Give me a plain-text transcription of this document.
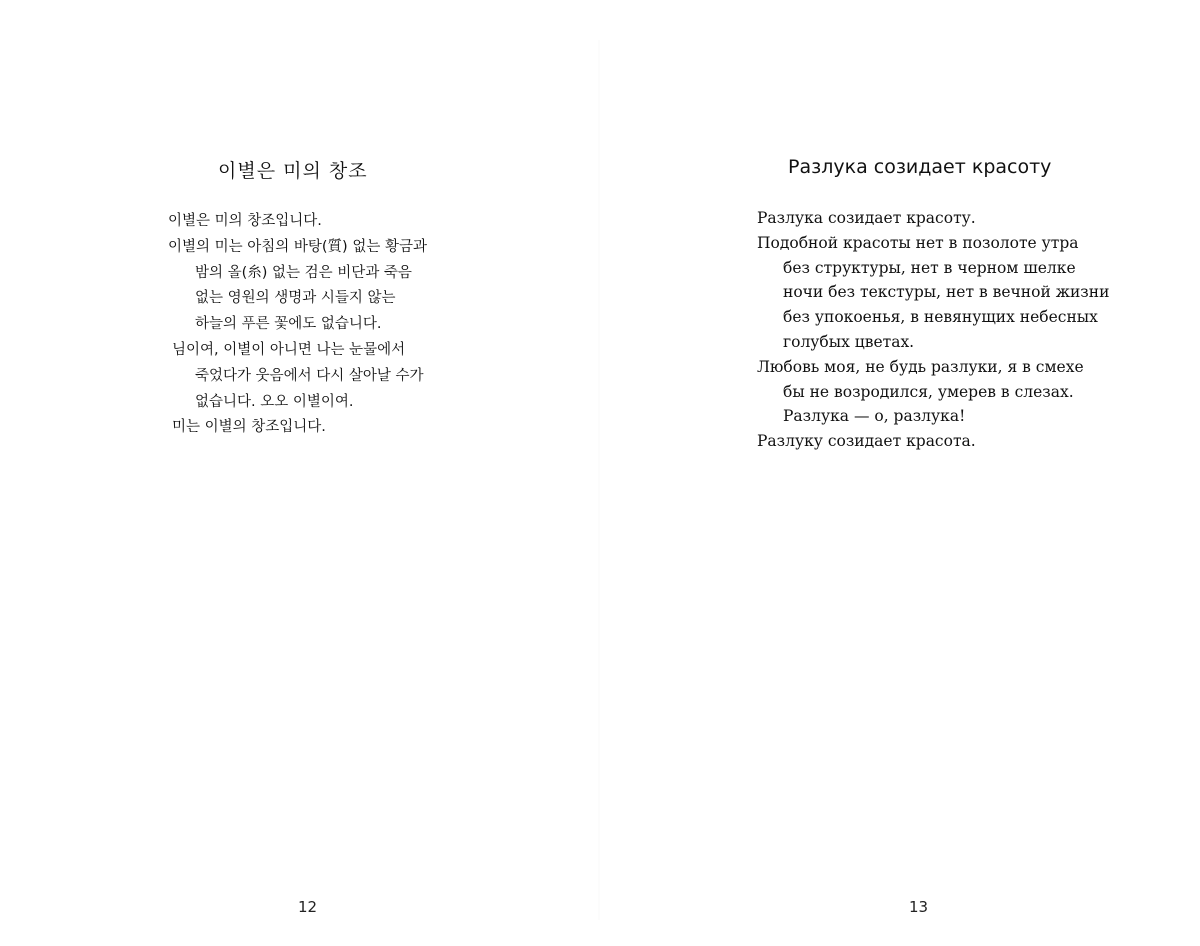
이별은 미의 창조
이별은 미의 창조입니다.
이별의 미는 아침의 바탕(質) 없는 황금과
밤의 올(糸) 없는 검은 비단과 죽음
없는 영원의 생명과 시들지 않는
하늘의 푸른 꽃에도 없습니다.
님이여, 이별이 아니면 나는 눈물에서
죽었다가 웃음에서 다시 살아날 수가
없습니다. 오오 이별이여.
미는 이별의 창조입니다.
12
Разлука созидает красоту
Разлука созидает красоту.
Подобной красоты нет в позолоте утра
без структуры, нет в черном шелке
ночи без текстуры, нет в вечной жизни
без упокоенья, в невянущих небесных
голубых цветах.
Любовь моя, не будь разлуки, я в смехе
бы не возродился, умерев в слезах.
Разлука — о, разлука!
Разлуку созидает красота.
13
